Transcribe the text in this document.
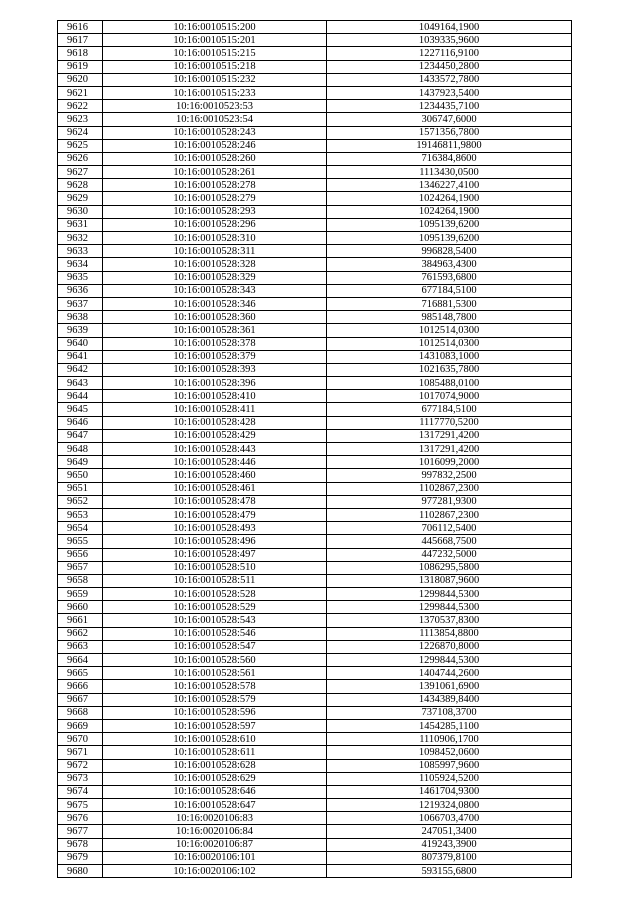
9616	10:16:0010515:200	1049164,1900
9617	10:16:0010515:201	1039335,9600
9618	10:16:0010515:215	1227116,9100
9619	10:16:0010515:218	1234450,2800
9620	10:16:0010515:232	1433572,7800
9621	10:16:0010515:233	1437923,5400
9622	10:16:0010523:53	1234435,7100
9623	10:16:0010523:54	306747,6000
9624	10:16:0010528:243	1571356,7800
9625	10:16:0010528:246	19146811,9800
9626	10:16:0010528:260	716384,8600
9627	10:16:0010528:261	1113430,0500
9628	10:16:0010528:278	1346227,4100
9629	10:16:0010528:279	1024264,1900
9630	10:16:0010528:293	1024264,1900
9631	10:16:0010528:296	1095139,6200
9632	10:16:0010528:310	1095139,6200
9633	10:16:0010528:311	996828,5400
9634	10:16:0010528:328	384963,4300
9635	10:16:0010528:329	761593,6800
9636	10:16:0010528:343	677184,5100
9637	10:16:0010528:346	716881,5300
9638	10:16:0010528:360	985148,7800
9639	10:16:0010528:361	1012514,0300
9640	10:16:0010528:378	1012514,0300
9641	10:16:0010528:379	1431083,1000
9642	10:16:0010528:393	1021635,7800
9643	10:16:0010528:396	1085488,0100
9644	10:16:0010528:410	1017074,9000
9645	10:16:0010528:411	677184,5100
9646	10:16:0010528:428	1117770,5200
9647	10:16:0010528:429	1317291,4200
9648	10:16:0010528:443	1317291,4200
9649	10:16:0010528:446	1016099,2000
9650	10:16:0010528:460	997832,2500
9651	10:16:0010528:461	1102867,2300
9652	10:16:0010528:478	977281,9300
9653	10:16:0010528:479	1102867,2300
9654	10:16:0010528:493	706112,5400
9655	10:16:0010528:496	445668,7500
9656	10:16:0010528:497	447232,5000
9657	10:16:0010528:510	1086295,5800
9658	10:16:0010528:511	1318087,9600
9659	10:16:0010528:528	1299844,5300
9660	10:16:0010528:529	1299844,5300
9661	10:16:0010528:543	1370537,8300
9662	10:16:0010528:546	1113854,8800
9663	10:16:0010528:547	1226870,8000
9664	10:16:0010528:560	1299844,5300
9665	10:16:0010528:561	1404744,2600
9666	10:16:0010528:578	1391061,6900
9667	10:16:0010528:579	1434389,8400
9668	10:16:0010528:596	737108,3700
9669	10:16:0010528:597	1454285,1100
9670	10:16:0010528:610	1110906,1700
9671	10:16:0010528:611	1098452,0600
9672	10:16:0010528:628	1085997,9600
9673	10:16:0010528:629	1105924,5200
9674	10:16:0010528:646	1461704,9300
9675	10:16:0010528:647	1219324,0800
9676	10:16:0020106:83	1066703,4700
9677	10:16:0020106:84	247051,3400
9678	10:16:0020106:87	419243,3900
9679	10:16:0020106:101	807379,8100
9680	10:16:0020106:102	593155,6800
